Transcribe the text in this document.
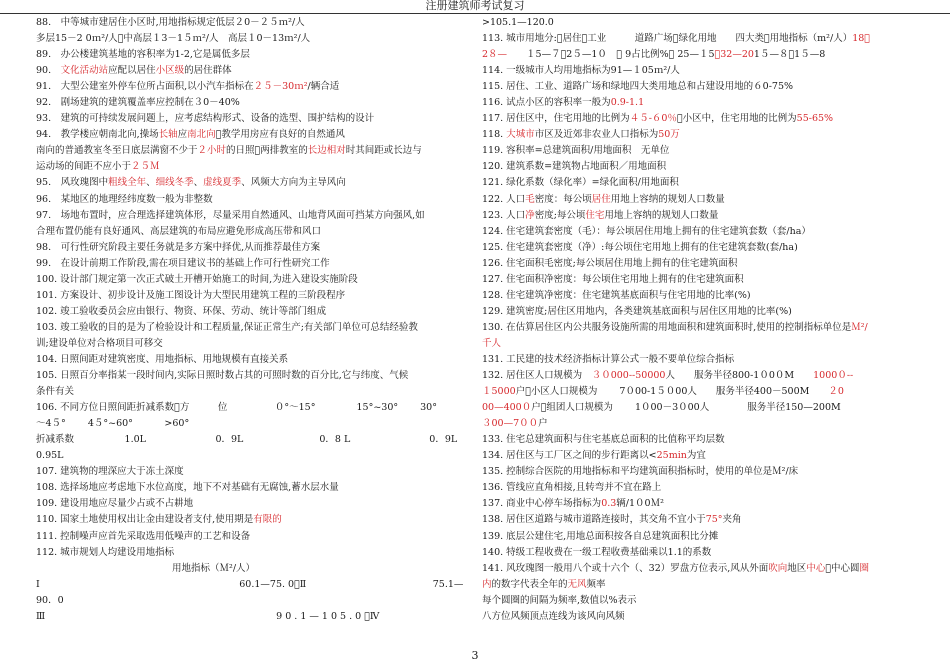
注册建筑师考试复习
88.　中等城市建居住小区时,用地指标规定低层２0－２５ｍ²/人
多层15－2 0ｍ²/人 中高层１3－1５ｍ²/人　高层１0－13ｍ²/人
89.　办公楼建筑基地的容积率为1-2,它是属低多层
90.　文化活动站应配以居住小区级的居住群体
91.　大型公建室外停车位所占面积,以小汽车指标在２５－30ｍ²/辆合适
92.　剧场建筑的建筑覆盖率应控制在３0－40%
93.　建筑的可持续发展问题上，应考虑结构形式、设备的选型、围护结构的设计
94.　教学楼应朝南北向,操场长轴应南北向 教学用房应有良好的自然通风
南向的普通教室冬至日底层满窗不少于２小时的日照 两排教室的长边相对时其间距或长边与
运动场的间距不应小于２５Ｍ
95.　风玫瑰图中粗线全年、细线冬季、虚线夏季、风频大方向为主导风向
96.　某地区的地理经纬度数一般为非整数
97.　场地布置时，应合理选择建筑体形，尽量采用自然通风、山地背风面可挡某方向强风,如
合理布置仍能有良好通风、高层建筑的布局应避免形成高压带和风口
98.　可行性研究阶段主要任务就是多方案中择优,从而推荐最佳方案
99.　在设计前期工作阶段,需在项目建议书的基础上作可行性研究工作
100. 设计部门规定第一次正式破土开槽开始施工的时间,为进入建设实施阶段
101. 方案设计、初步设计及施工图设计为大型民用建筑工程的三阶段程序
102. 竣工验收委员会应由银行、物资、环保、劳动、统计等部门组成
103. 竣工验收的目的是为了检验设计和工程质量,保证正常生产;有关部门单位可总结经验教
训;建设单位对合格项目可移交
104. 日照间距对建筑密度、用地指标、用地规模有直接关系
105. 日照百分率指某一段时间内,实际日照时数占其的可照时数的百分比,它与纬度、气候
条件有关
106. 不同方位日照间距折减系数 方　　　位　　　　　０°～15°　　　　 15°~30°　　 30°
～4５°　　 4５°~60°　　　 >60°
折减系数　　　　　 1.0L　　　　　　　 0．9L　　　　　　　　0．8 L　　　　　　　　 0．9L
0.95L
107. 建筑物的埋深应大于冻土深度
108. 选择场地应考虑地下水位高度，地下不对基础有无腐蚀,蓄水层水量
109. 建设用地应尽量少占或不占耕地
110. 国家土地使用权出让金由建设者支付,使用期是有限的
111. 控制噪声应首先采取选用低噪声的工艺和设备
112. 城市规划人均建设用地指标
　　　　　　　　　　　　　　 用地指标（Ｍ²/人）
Ⅰ　　　　　　　　　　　　　　　　　　　　　60.1—75. 0 Ⅱ　　　　　　　　　　　　　 75.1—
90．0
Ⅲ　　　　　　　　　　　　　　　　　　　　　　　　 9 0 . 1 — 1 0 5 . 0  Ⅳ
>105.1—120.0
113. 城市用地分: 居住 工业　　　道路广场 绿化用地　　四大类 用地指标（m²/人）18 
2８—　　１5—７ 2５—1０　  9占比例%  25—１5 32—201５—８ 1５—8
114. 一级城市人均用地指标为91—１05ｍ²/人
115. 居住、工业、道路广场和绿地四大类用地总和占建设用地的６0-75%
116. 试点小区的容积率一般为0.9-1.1
117. 居住区中，住宅用地的比例为４５-６0％ 小区中，住宅用地的比例为55-65%
118. 大城市市区及近郊非农业人口指标为50万
119. 容积率=总建筑面积/用地面积　无单位
120. 建筑系数=建筑物占地面积／用地面积
121. 绿化系数（绿化率）=绿化面积/用地面积
122. 人口毛密度：每公顷居住用地上容纳的规划人口数量
123. 人口净密度;每公顷住宅用地上容纳的规划人口数量
124. 住宅建筑套密度（毛）：每公顷居住用地上拥有的住宅建筑套数（套/ha）
125. 住宅建筑套密度（净）:每公顷住宅用地上拥有的住宅建筑套数(套/ha)
126. 住宅面积毛密度;每公顷居住用地上拥有的住宅建筑面积
127. 住宅面积净密度：每公顷住宅用地上拥有的住宅建筑面积
128. 住宅建筑净密度：住宅建筑基底面积与住宅用地的比率(%)
129. 建筑密度;居住区用地内，各类建筑基底面积与居住区用地的比率(%)
130. 在估算居住区内公共服务设施所需的用地面积和建筑面积时,使用的控制指标单位是Ｍ²/
千人
131. 工民建的技术经济指标计算公式一般不要单位综合指标
132. 居住区人口规模为　３０000--50000人　　服务半径800-1０0０M　　1000０--
１5000户 小区人口规模为　　 7０00-1５０00人　　服务半径400－500M　　２0
00—400０户 组团人口规模为　　 1０00－3０00人　　　　服务半径150—200M
３00—7００户
133. 住宅总建筑面积与住宅基底总面积的比值称平均层数
134. 居住区与工厂区之间的步行距离以<25min为宜
135. 控制综合医院的用地指标和平均建筑面积指标时，使用的单位是Ｍ²/床
136. 管线应直角相接,且转弯并不宜在路上
137. 商业中心停车场指标为0.3辆/1０0Ｍ²
138. 居住区道路与城市道路连接时，其交角不宜小于75°夹角
139. 底层公建住宅,用地总面积按各自总建筑面积比分摊
140. 特级工程收费在一级工程收费基础乘以1.1的系数
141. 风玫瑰图一般用八个或十六个（、32）罗盘方位表示,风从外面吹向地区中心 中心圆圈
内的数字代表全年的无风频率
每个圆圈的间隔为频率,数值以%表示
八方位风频顶点连线为该风向风频
3
